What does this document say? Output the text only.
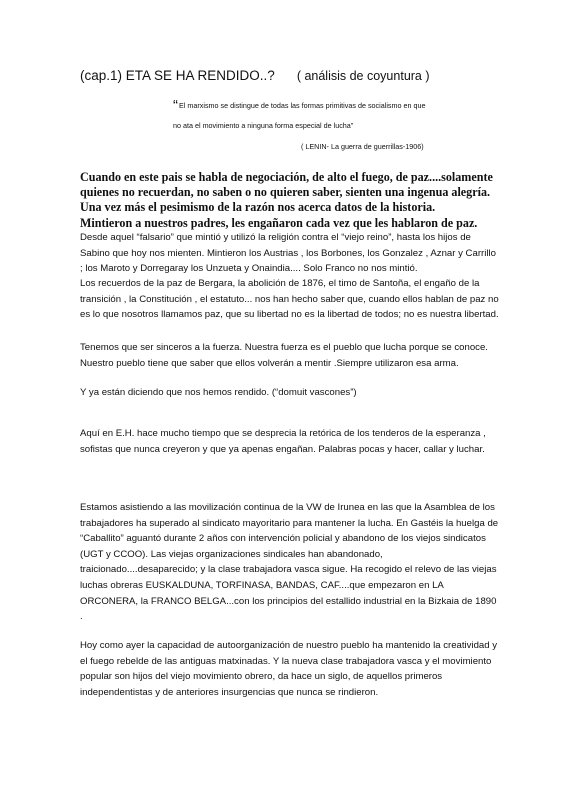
(cap.1) ETA SE HA RENDIDO..? ( análisis de coyuntura )
“El marxismo se distingue de todas las formas primitivas de socialismo en que
no ata el movimiento a ninguna forma especial de lucha”
( LENIN- La guerra de guerrillas-1906)
Cuando en este pais se habla de negociación, de alto el fuego, de paz....solamente
quienes no recuerdan, no saben o no quieren saber, sienten una ingenua alegría.
Una vez más el pesimismo de la razón nos acerca datos de la historia.
Mintieron a nuestros padres, les engañaron cada vez que les hablaron de paz.

Desde aquel “falsario” que mintió y utilizó la religión contra el “viejo reino”, hasta los hijos de Sabino que hoy nos mienten. Mintieron los Austrias , los Borbones, los Gonzalez , Aznar y Carrillo ; los Maroto y Dorregaray los Unzueta y Onaindia.... Solo Franco no nos mintió.

Los recuerdos de la paz de Bergara, la abolición de 1876, el timo de Santoña, el engaño de la transición , la Constitución , el estatuto... nos han hecho saber que, cuando ellos hablan de paz no es lo que nosotros llamamos paz, que su libertad no es la libertad de todos; no es nuestra libertad.

Tenemos que ser sinceros a la fuerza. Nuestra fuerza es el pueblo que lucha porque se conoce. Nuestro pueblo tiene que saber que ellos volverán a mentir .Siempre utilizaron esa arma.

Y ya están diciendo que nos hemos rendido. (“domuit vascones”)

Aquí en E.H. hace mucho tiempo que se desprecia la retórica de los tenderos de la esperanza , sofistas que nunca creyeron y que ya apenas engañan. Palabras pocas y hacer, callar y luchar.

Estamos asistiendo a las movilización continua de la VW de Irunea en las que la Asamblea de los trabajadores ha superado al sindicato mayoritario para mantener la lucha. En Gastéis la huelga de “Caballito” aguantó durante 2 años con intervención policial y abandono de los viejos sindicatos (UGT y CCOO). Las viejas organizaciones sindicales han abandonado, traicionado....desaparecido; y la clase trabajadora vasca sigue. Ha recogido el relevo de las viejas luchas obreras EUSKALDUNA, TORFINASA, BANDAS, CAF....que empezaron en LA ORCONERA, la FRANCO BELGA...con los principios del estallido industrial en la Bizkaia de 1890 .

Hoy como ayer la capacidad de autoorganización de nuestro pueblo ha mantenido la creatividad y el fuego rebelde de las antiguas matxinadas. Y la nueva clase trabajadora vasca y el movimiento popular son hijos del viejo movimiento obrero, da hace un siglo, de aquellos primeros independentistas y de anteriores insurgencias que nunca se rindieron.
